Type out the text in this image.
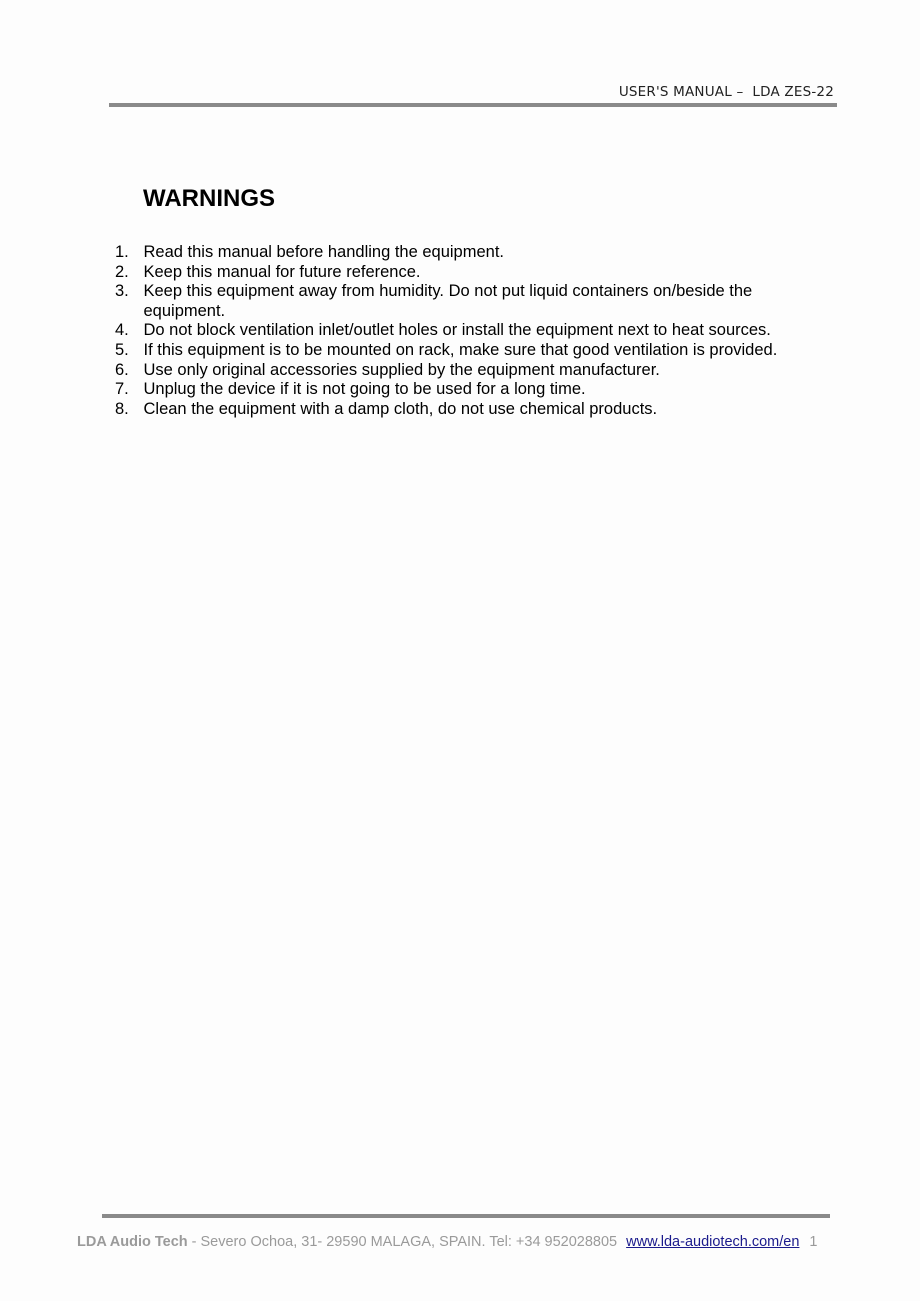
USER'S MANUAL –  LDA ZES-22
WARNINGS
1. Read this manual before handling the equipment.
2. Keep this manual for future reference.
3. Keep this equipment away from humidity. Do not put liquid containers on/beside the equipment.
4. Do not block ventilation inlet/outlet holes or install the equipment next to heat sources.
5. If this equipment is to be mounted on rack, make sure that good ventilation is provided.
6. Use only original accessories supplied by the equipment manufacturer.
7. Unplug the device if it is not going to be used for a long time.
8. Clean the equipment with a damp cloth, do not use chemical products.
LDA Audio Tech - Severo Ochoa, 31- 29590 MALAGA, SPAIN. Tel: +34 952028805 www.lda-audiotech.com/en 1
